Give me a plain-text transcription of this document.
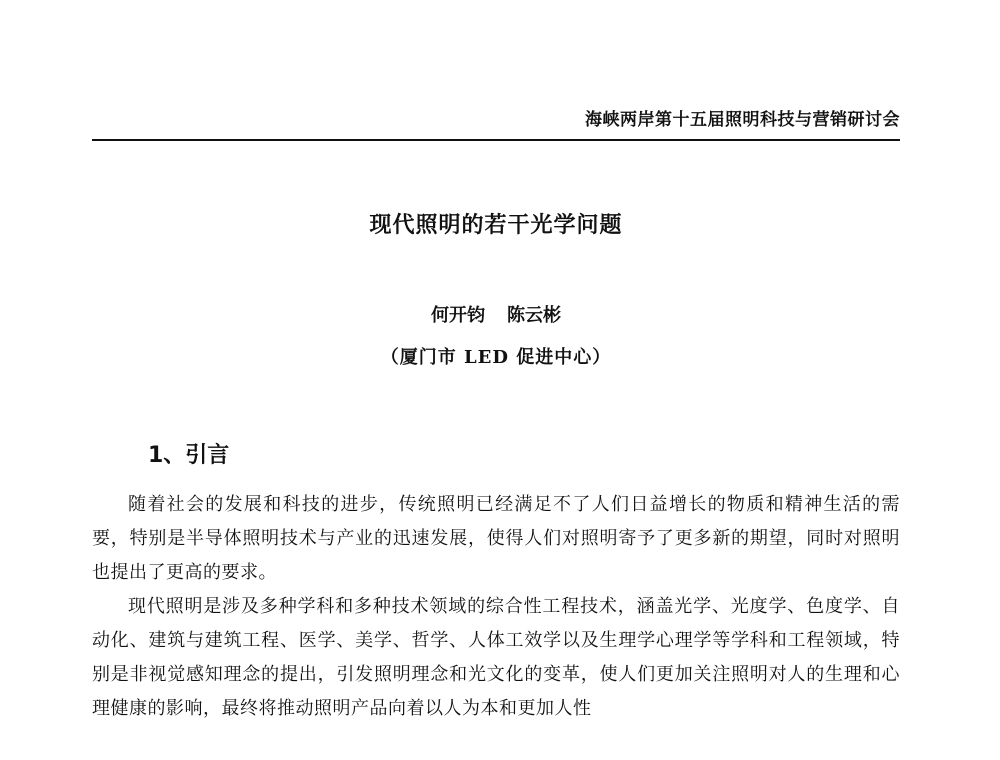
海峡两岸第十五届照明科技与营销研讨会
现代照明的若干光学问题
何开钧 陈云彬
（厦门市 LED 促进中心）
1、引言

随着社会的发展和科技的进步，传统照明已经满足不了人们日益增长的物质和精神生活的需要，特别是半导体照明技术与产业的迅速发展，使得人们对照明寄予了更多新的期望，同时对照明也提出了更高的要求。

现代照明是涉及多种学科和多种技术领域的综合性工程技术，涵盖光学、光度学、色度学、自动化、建筑与建筑工程、医学、美学、哲学、人体工效学以及生理学心理学等学科和工程领域，特别是非视觉感知理念的提出，引发照明理念和光文化的变革，使人们更加关注照明对人的生理和心理健康的影响，最终将推动照明产品向着以人为本和更加人性
